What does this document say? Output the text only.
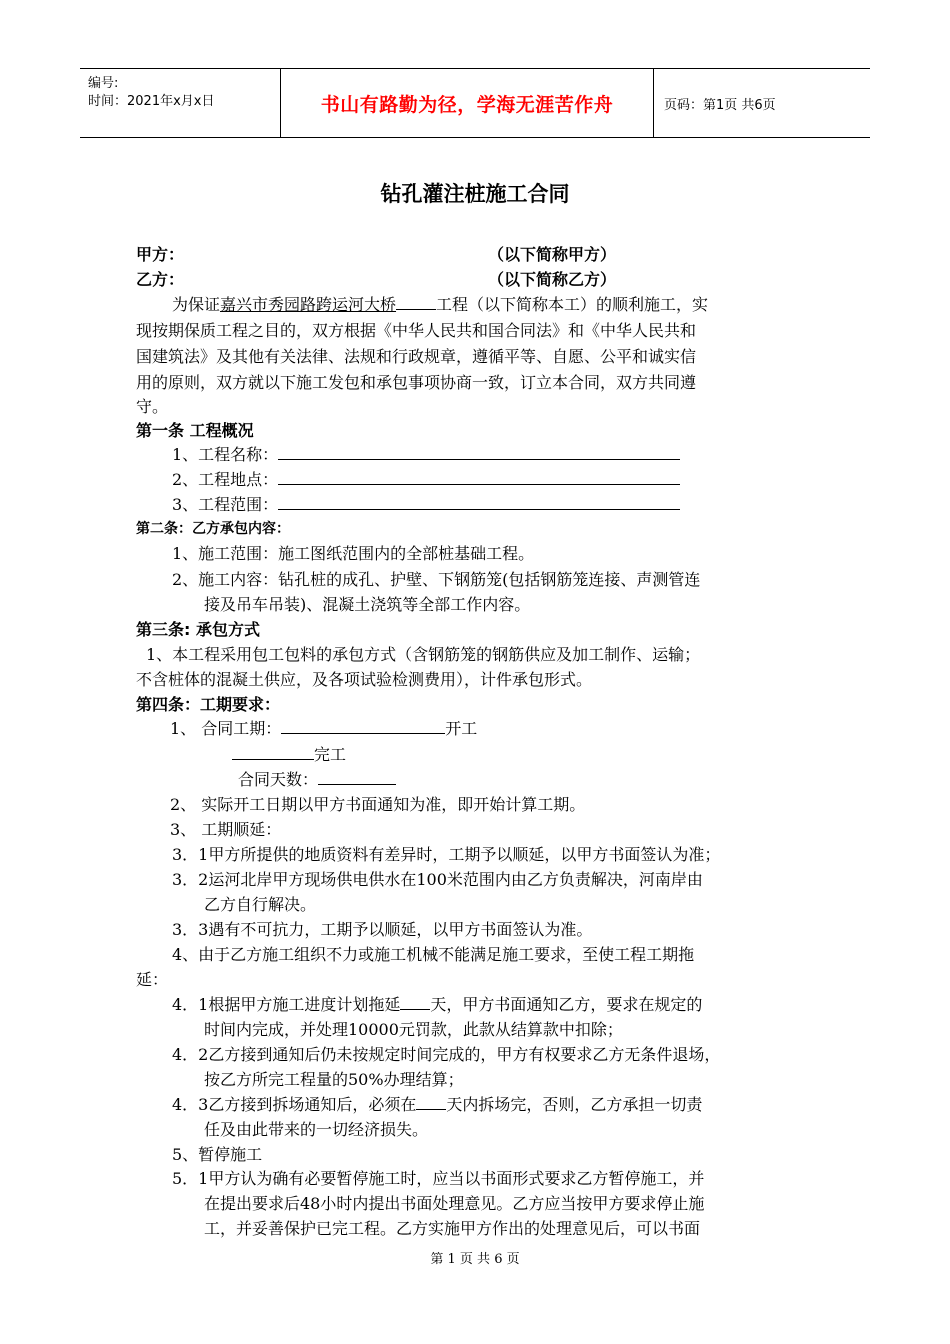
编号:
时间：2021年x月x日	书山有路勤为径，学海无涯苦作舟	页码：第1页 共6页
钻孔灌注桩施工合同
甲方：	（以下简称甲方）
乙方：	（以下简称乙方）
为保证嘉兴市秀园路跨运河大桥	工程（以下简称本工）的顺利施工，实
现按期保质工程之目的，双方根据《中华人民共和国合同法》和《中华人民共和
国建筑法》及其他有关法律、法规和行政规章，遵循平等、自愿、公平和诚实信
用的原则，双方就以下施工发包和承包事项协商一致，订立本合同，双方共同遵
守。
第一条 工程概况
1、工程名称：
2、工程地点：
3、工程范围：
第二条：乙方承包内容：
1、施工范围：施工图纸范围内的全部桩基础工程。
2、施工内容：钻孔桩的成孔、护壁、下钢筋笼(包括钢筋笼连接、声测管连
接及吊车吊装)、混凝土浇筑等全部工作内容。
第三条: 承包方式
1、本工程采用包工包料的承包方式（含钢筋笼的钢筋供应及加工制作、运输；
不含桩体的混凝土供应，及各项试验检测费用），计件承包形式。
第四条：工期要求：
1、 合同工期：	开工
完工
合同天数：
2、 实际开工日期以甲方书面通知为准，即开始计算工期。
3、 工期顺延：
3．1甲方所提供的地质资料有差异时，工期予以顺延，以甲方书面签认为准；
3．2运河北岸甲方现场供电供水在100米范围内由乙方负责解决，河南岸由
乙方自行解决。
3．3遇有不可抗力，工期予以顺延，以甲方书面签认为准。
4、由于乙方施工组织不力或施工机械不能满足施工要求，至使工程工期拖
延：
4．1根据甲方施工进度计划拖延 天，甲方书面通知乙方，要求在规定的
时间内完成，并处理10000元罚款，此款从结算款中扣除；
4．2乙方接到通知后仍未按规定时间完成的，甲方有权要求乙方无条件退场，
按乙方所完工程量的50%办理结算；
4．3乙方接到拆场通知后，必须在 天内拆场完，否则，乙方承担一切责
任及由此带来的一切经济损失。
5、暂停施工
5．1甲方认为确有必要暂停施工时，应当以书面形式要求乙方暂停施工，并
在提出要求后48小时内提出书面处理意见。乙方应当按甲方要求停止施
工，并妥善保护已完工程。乙方实施甲方作出的处理意见后，可以书面
第 1 页 共 6 页
